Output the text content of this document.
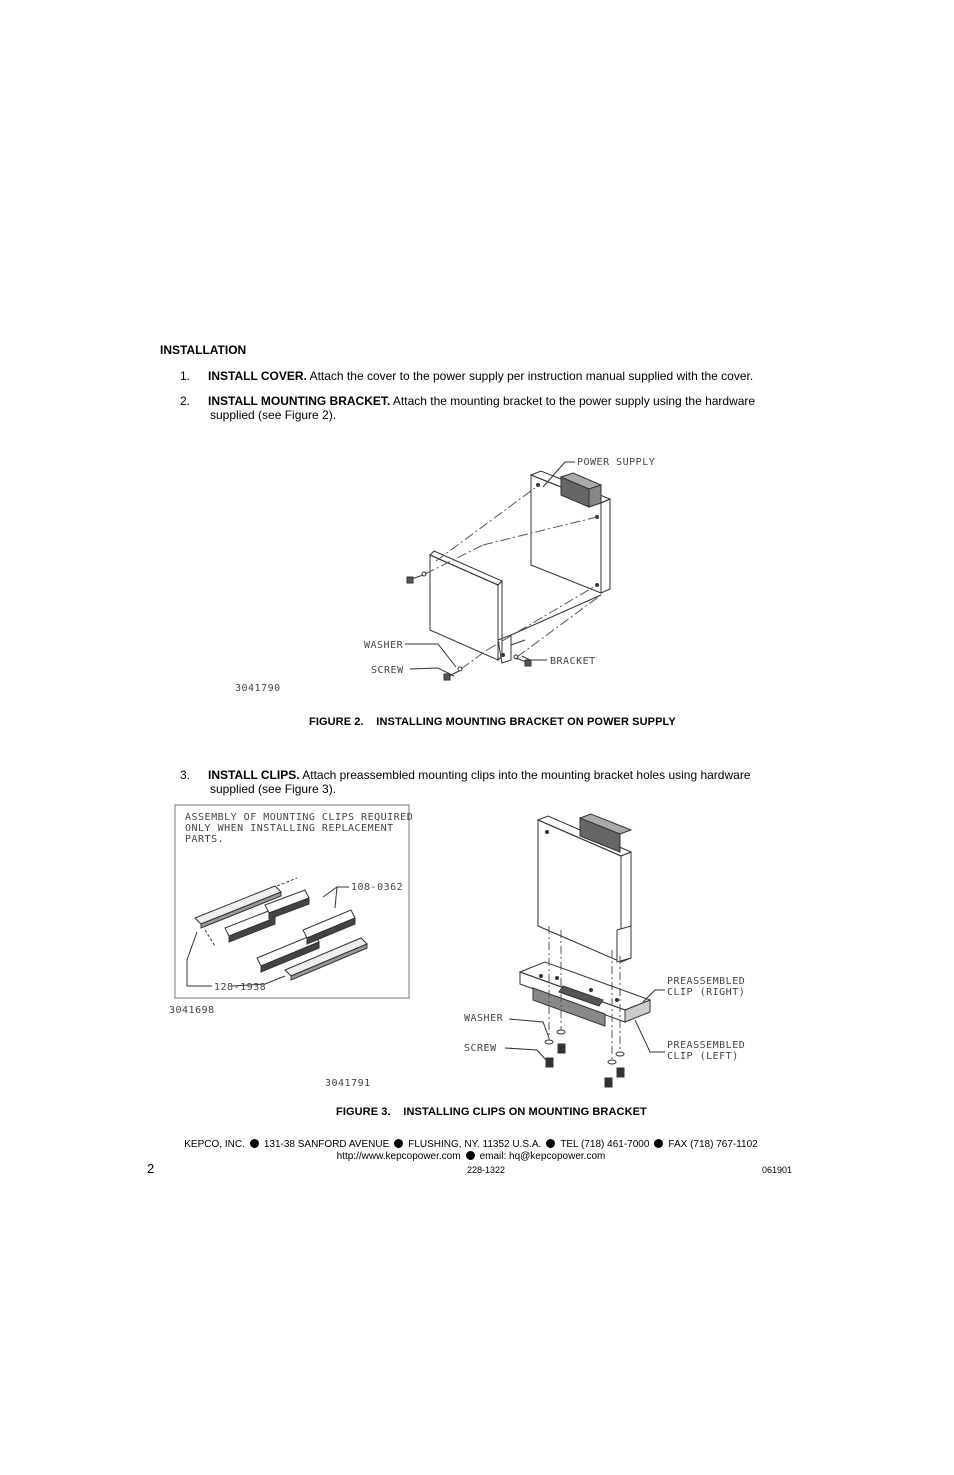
INSTALLATION
1. INSTALL COVER. Attach the cover to the power supply per instruction manual supplied with the cover.
2. INSTALL MOUNTING BRACKET. Attach the mounting bracket to the power supply using the hardware
supplied (see Figure 2).
POWER SUPPLY
WASHER
SCREW
BRACKET
3041790
FIGURE 2.    INSTALLING MOUNTING BRACKET ON POWER SUPPLY
3. INSTALL CLIPS. Attach preassembled mounting clips into the mounting bracket holes using hardware
supplied (see Figure 3).
ASSEMBLY OF MOUNTING CLIPS REQUIRED
ONLY WHEN INSTALLING REPLACEMENT
PARTS.
108-0362
128-1938
3041698
PREASSEMBLED
CLIP (RIGHT)
PREASSEMBLED
CLIP (LEFT)
WASHER
SCREW
3041791
FIGURE 3.    INSTALLING CLIPS ON MOUNTING BRACKET
KEPCO, INC. 131-38 SANFORD AVENUE FLUSHING, NY. 11352 U.S.A. TEL (718) 461-7000 FAX (718) 767-1102
http://www.kepcopower.com email: hq@kepcopower.com
2	228-1322	061901
